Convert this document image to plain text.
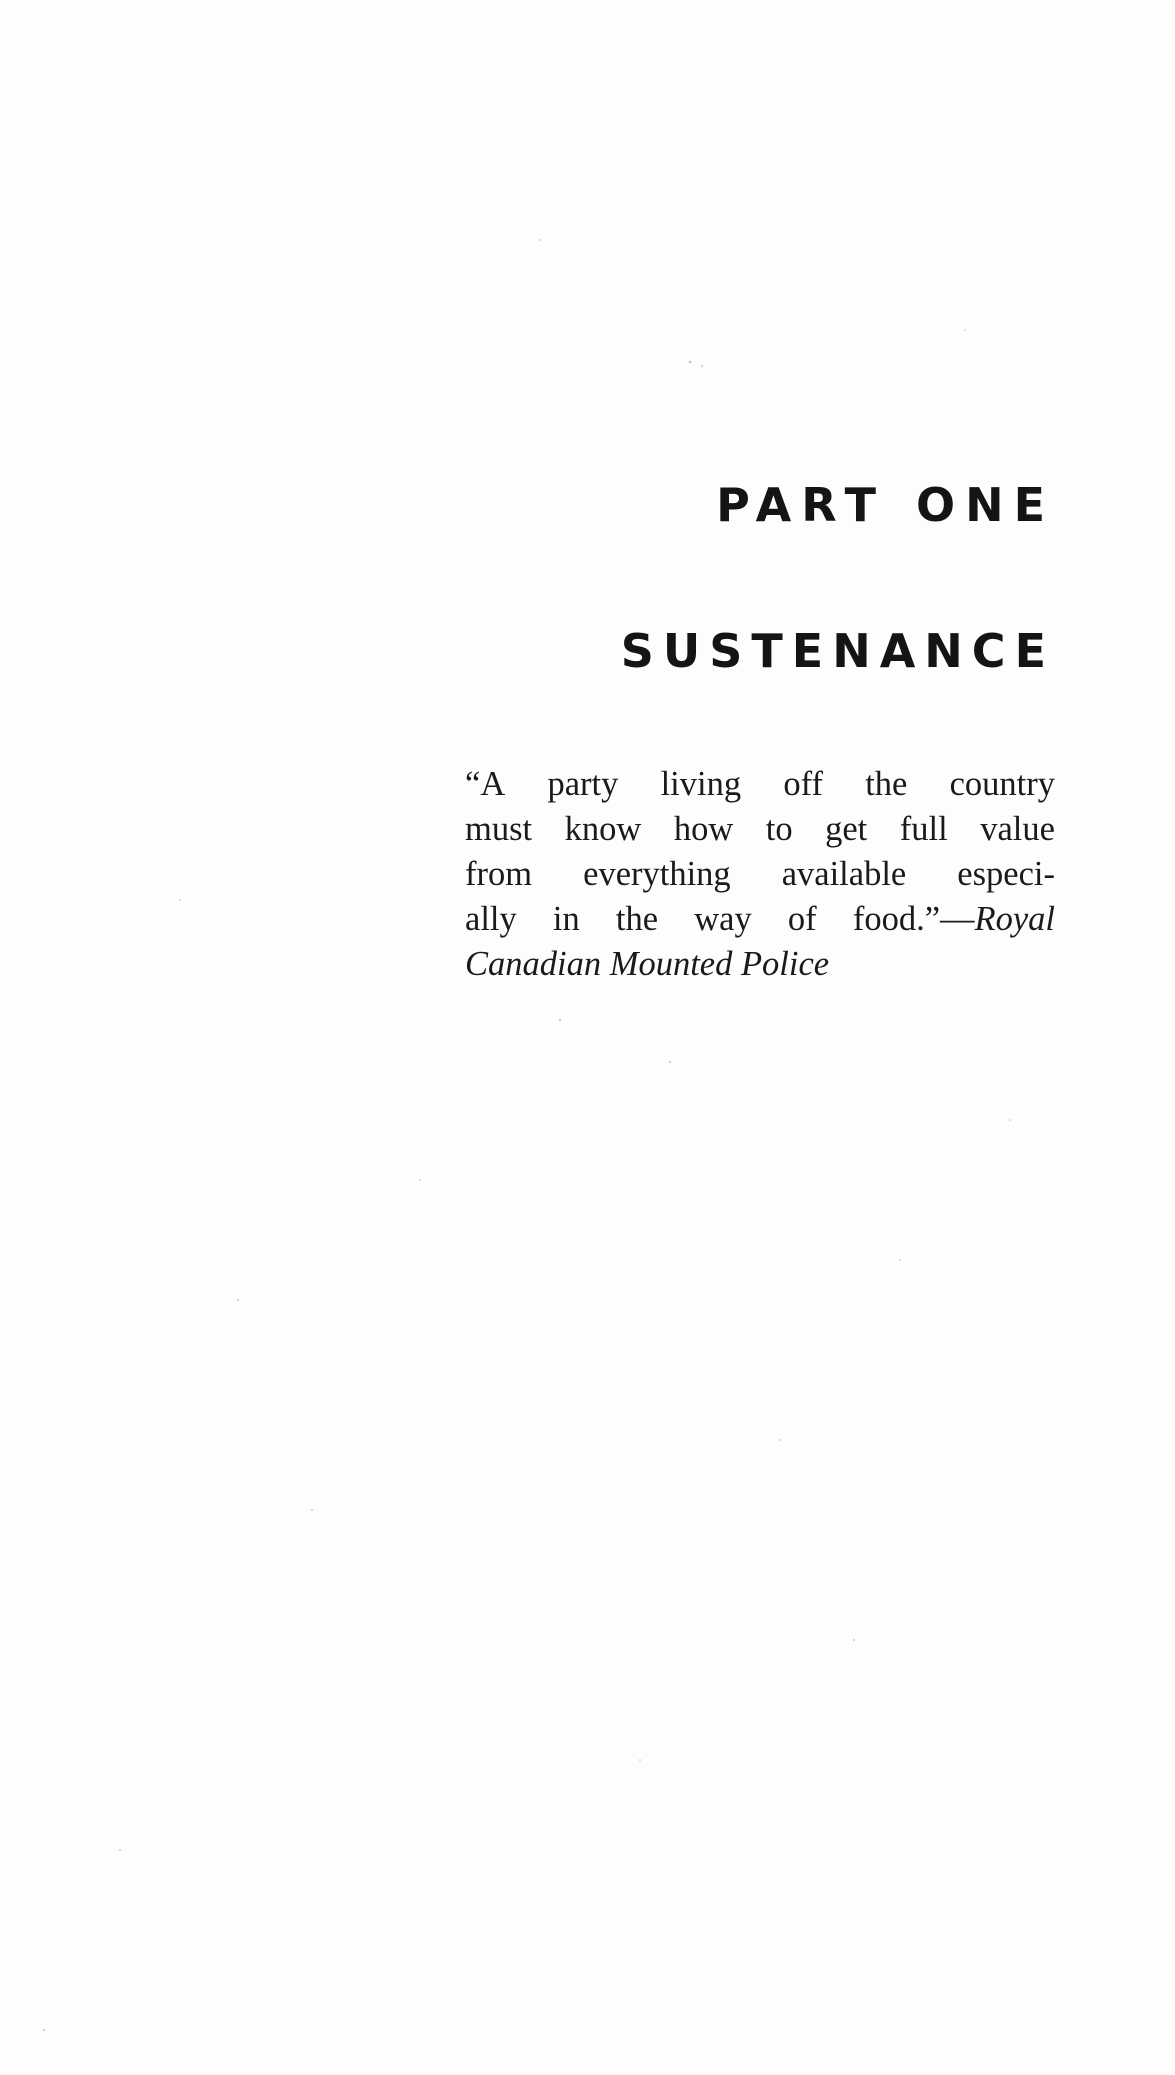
PART ONE
SUSTENANCE
“A party living off the country
must know how to get full value
from everything available especi-
ally in the way of food.”—Royal
Canadian Mounted Police
